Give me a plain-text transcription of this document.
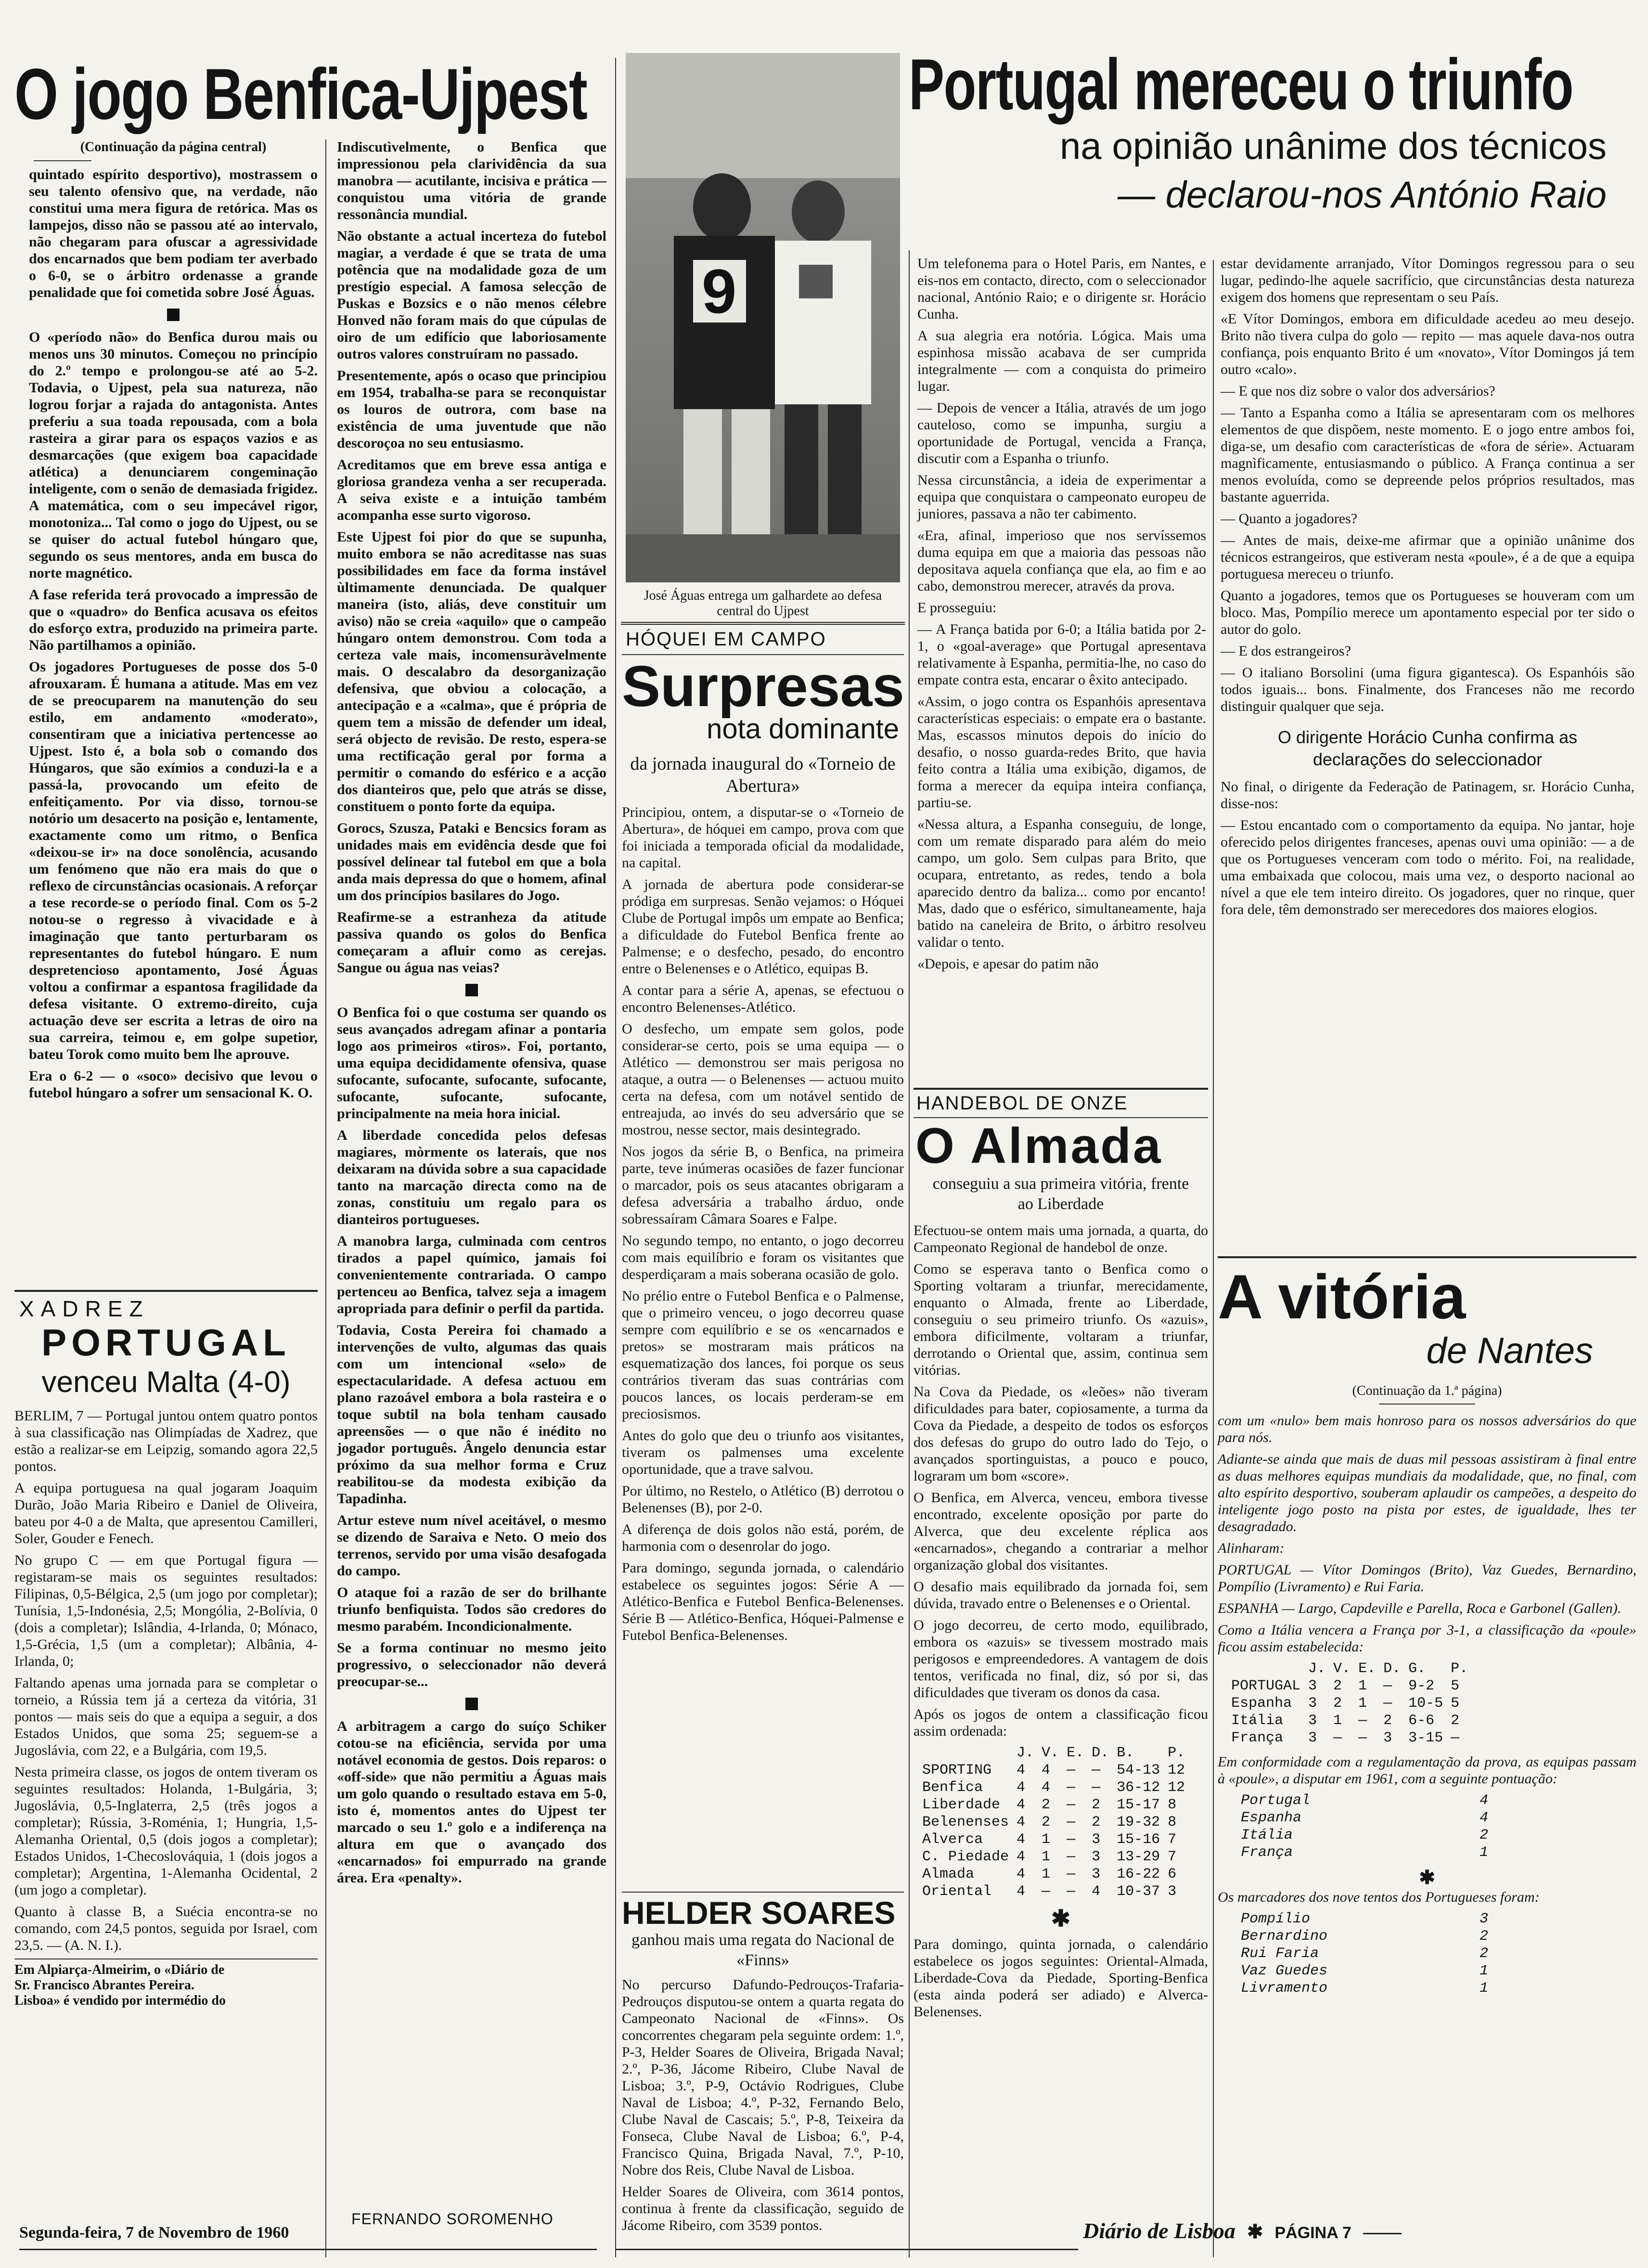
O jogo Benfica-Ujpest

(Continuação da página central)

quintado espírito desportivo), mostrassem o seu talento ofensivo que, na verdade, não constitui uma mera figura de retórica. Mas os lampejos, disso não se passou até ao intervalo, não chegaram para ofuscar a agressividade dos encarnados que bem podiam ter averbado o 6-0, se o árbitro ordenasse a grande penalidade que foi cometida sobre José Águas.

O «período não» do Benfica durou mais ou menos uns 30 minutos. Começou no princípio do 2.º tempo e prolongou-se até ao 5-2. Todavia, o Ujpest, pela sua natureza, não logrou forjar a rajada do antagonista. Antes preferiu a sua toada repousada, com a bola rasteira a girar para os espaços vazios e as desmarcações (que exigem boa capacidade atlética) a denunciarem congeminação inteligente, com o senão de demasiada frigidez. A matemática, com o seu impecável rigor, monotoniza... Tal como o jogo do Ujpest, ou se se quiser do actual futebol húngaro que, segundo os seus mentores, anda em busca do norte magnético.

A fase referida terá provocado a impressão de que o «quadro» do Benfica acusava os efeitos do esforço extra, produzido na primeira parte. Não partilhamos a opinião.

Os jogadores Portugueses de posse dos 5-0 afrouxaram. É humana a atitude. Mas em vez de se preocuparem na manutenção do seu estilo, em andamento «moderato», consentiram que a iniciativa pertencesse ao Ujpest. Isto é, a bola sob o comando dos Húngaros, que são exímios a conduzi-la e a passá-la, provocando um efeito de enfeitiçamento. Por via disso, tornou-se notório um desacerto na posição e, lentamente, exactamente como um ritmo, o Benfica «deixou-se ir» na doce sonolência, acusando um fenómeno que não era mais do que o reflexo de circunstâncias ocasionais. A reforçar a tese recorde-se o período final. Com os 5-2 notou-se o regresso à vivacidade e à imaginação que tanto perturbaram os representantes do futebol húngaro. E num despretencioso apontamento, José Águas voltou a confirmar a espantosa fragilidade da defesa visitante. O extremo-direito, cuja actuação deve ser escrita a letras de oiro na sua carreira, teimou e, em golpe supetior, bateu Torok como muito bem lhe aprouve.

Era o 6-2 — o «soco» decisivo que levou o futebol húngaro a sofrer um sensacional K. O.

Indiscutìvelmente, o Benfica que impressionou pela clarividência da sua manobra — acutilante, incisiva e prática — conquistou uma vitória de grande ressonância mundial.

Não obstante a actual incerteza do futebol magiar, a verdade é que se trata de uma potência que na modalidade goza de um prestígio especial. A famosa selecção de Puskas e Bozsics e o não menos célebre Honved não foram mais do que cúpulas de oiro de um edifício que laboriosamente outros valores construíram no passado.

Presentemente, após o ocaso que principiou em 1954, trabalha-se para se reconquistar os louros de outrora, com base na existência de uma juventude que não descoroçoa no seu entusiasmo.

Acreditamos que em breve essa antiga e gloriosa grandeza venha a ser recuperada. A seiva existe e a intuição também acompanha esse surto vigoroso.

Este Ujpest foi pior do que se supunha, muito embora se não acreditasse nas suas possibilidades em face da forma instável ùltimamente denunciada. De qualquer maneira (isto, aliás, deve constituir um aviso) não se creia «aquilo» que o campeão húngaro ontem demonstrou. Com toda a certeza vale mais, incomensuràvelmente mais. O descalabro da desorganização defensiva, que obviou a colocação, a antecipação e a «calma», que é própria de quem tem a missão de defender um ideal, será objecto de revisão. De resto, espera-se uma rectificação geral por forma a permitir o comando do esférico e a acção dos dianteiros que, pelo que atrás se disse, constituem o ponto forte da equipa.

Gorocs, Szusza, Pataki e Bencsics foram as unidades mais em evidência desde que foi possível delinear tal futebol em que a bola anda mais depressa do que o homem, afinal um dos princípios basilares do Jogo.

Reafirme-se a estranheza da atitude passiva quando os golos do Benfica começaram a afluir como as cerejas. Sangue ou água nas veias?

O Benfica foi o que costuma ser quando os seus avançados adregam afinar a pontaria logo aos primeiros «tiros». Foi, portanto, uma equipa decididamente ofensiva, quase sufocante, sufocante, sufocante, sufocante, sufocante, sufocante, sufocante, principalmente na meia hora inicial.

A liberdade concedida pelos defesas magiares, mòrmente os laterais, que nos deixaram na dúvida sobre a sua capacidade tanto na marcação directa como na de zonas, constituiu um regalo para os dianteiros portugueses.

A manobra larga, culminada com centros tirados a papel químico, jamais foi convenientemente contrariada. O campo pertenceu ao Benfica, talvez seja a imagem apropriada para definir o perfil da partida.

Todavia, Costa Pereira foi chamado a intervenções de vulto, algumas das quais com um intencional «selo» de espectacularidade. A defesa actuou em plano razoável embora a bola rasteira e o toque subtil na bola tenham causado apreensões — o que não é inédito no jogador português. Ângelo denuncia estar próximo da sua melhor forma e Cruz reabilitou-se da modesta exibição da Tapadinha.

Artur esteve num nível aceitável, o mesmo se dizendo de Saraiva e Neto. O meio dos terrenos, servido por uma visão desafogada do campo.

O ataque foi a razão de ser do brilhante triunfo benfiquista. Todos são credores do mesmo parabém. Incondicionalmente.

Se a forma continuar no mesmo jeito progressivo, o seleccionador não deverá preocupar-se...

A arbitragem a cargo do suíço Schiker cotou-se na eficiência, servida por uma notável economia de gestos. Dois reparos: o «off-side» que não permitiu a Águas mais um golo quando o resultado estava em 5-0, isto é, momentos antes do Ujpest ter marcado o seu 1.º golo e a indiferença na altura em que o avançado dos «encarnados» foi empurrado na grande área. Era «penalty».

FERNANDO SOROMENHO
XADREZ
PORTUGAL
venceu Malta (4-0)

BERLIM, 7 — Portugal juntou ontem quatro pontos à sua classificação nas Olimpíadas de Xadrez, que estão a realizar-se em Leipzig, somando agora 22,5 pontos.

A equipa portuguesa na qual jogaram Joaquim Durão, João Maria Ribeiro e Daniel de Oliveira, bateu por 4-0 a de Malta, que apresentou Camilleri, Soler, Gouder e Fenech.

No grupo C — em que Portugal figura — registaram-se mais os seguintes resultados: Filipinas, 0,5-Bélgica, 2,5 (um jogo por completar); Tunísia, 1,5-Indonésia, 2,5; Mongólia, 2-Bolívia, 0 (dois a completar); Islândia, 4-Irlanda, 0; Mónaco, 1,5-Grécia, 1,5 (um a completar); Albânia, 4-Irlanda, 0;

Faltando apenas uma jornada para se completar o torneio, a Rússia tem já a certeza da vitória, 31 pontos — mais seis do que a equipa a seguir, a dos Estados Unidos, que soma 25; seguem-se a Jugoslávia, com 22, e a Bulgária, com 19,5.

Nesta primeira classe, os jogos de ontem tiveram os seguintes resultados: Holanda, 1-Bulgária, 3; Jugoslávia, 0,5-Inglaterra, 2,5 (três jogos a completar); Rússia, 3-Roménia, 1; Hungria, 1,5-Alemanha Oriental, 0,5 (dois jogos a completar); Estados Unidos, 1-Checoslováquia, 1 (dois jogos a completar); Argentina, 1-Alemanha Ocidental, 2 (um jogo a completar).

Quanto à classe B, a Suécia encontra-se no comando, com 24,5 pontos, seguida por Israel, com 23,5. — (A. N. I.).

Em Alpiarça-Almeirim, o «Diário de

Sr. Francisco Abrantes Pereira.

Lisboa» é vendido por intermédio do

Segunda-feira, 7 de Novembro de 1960
9
José Águas entrega um galhardete ao defesa central do Ujpest
HÓQUEI EM CAMPO
Surpresas
nota dominante
da jornada inaugural do «Torneio de Abertura»

Principiou, ontem, a disputar-se o «Torneio de Abertura», de hóquei em campo, prova com que foi iniciada a temporada oficial da modalidade, na capital.

A jornada de abertura pode considerar-se pródiga em surpresas. Senão vejamos: o Hóquei Clube de Portugal impôs um empate ao Benfica; a dificuldade do Futebol Benfica frente ao Palmense; e o desfecho, pesado, do encontro entre o Belenenses e o Atlético, equipas B.

A contar para a série A, apenas, se efectuou o encontro Belenenses-Atlético.

O desfecho, um empate sem golos, pode considerar-se certo, pois se uma equipa — o Atlético — demonstrou ser mais perigosa no ataque, a outra — o Belenenses — actuou muito certa na defesa, com um notável sentido de entreajuda, ao invés do seu adversário que se mostrou, nesse sector, mais desintegrado.

Nos jogos da série B, o Benfica, na primeira parte, teve inúmeras ocasiões de fazer funcionar o marcador, pois os seus atacantes obrigaram a defesa adversária a trabalho árduo, onde sobressaíram Câmara Soares e Falpe.

No segundo tempo, no entanto, o jogo decorreu com mais equilíbrio e foram os visitantes que desperdiçaram a mais soberana ocasião de golo.

No prélio entre o Futebol Benfica e o Palmense, que o primeiro venceu, o jogo decorreu quase sempre com equilíbrio e se os «encarnados e pretos» se mostraram mais práticos na esquematização dos lances, foi porque os seus contrários tiveram das suas contrárias com poucos lances, os locais perderam-se em preciosismos.

Antes do golo que deu o triunfo aos visitantes, tiveram os palmenses uma excelente oportunidade, que a trave salvou.

Por último, no Restelo, o Atlético (B) derrotou o Belenenses (B), por 2-0.

A diferença de dois golos não está, porém, de harmonia com o desenrolar do jogo.

Para domingo, segunda jornada, o calendário estabelece os seguintes jogos: Série A — Atlético-Benfica e Futebol Benfica-Belenenses. Série B — Atlético-Benfica, Hóquei-Palmense e Futebol Benfica-Belenenses.

HELDER SOARES
ganhou mais uma regata do Nacional de «Finns»

No percurso Dafundo-Pedrouços-Trafaria-Pedrouços disputou-se ontem a quarta regata do Campeonato Nacional de «Finns». Os concorrentes chegaram pela seguinte ordem: 1.º, P-3, Helder Soares de Oliveira, Brigada Naval; 2.º, P-36, Jácome Ribeiro, Clube Naval de Lisboa; 3.º, P-9, Octávio Rodrigues, Clube Naval de Lisboa; 4.º, P-32, Fernando Belo, Clube Naval de Cascais; 5.º, P-8, Teixeira da Fonseca, Clube Naval de Lisboa; 6.º, P-4, Francisco Quina, Brigada Naval, 7.º, P-10, Nobre dos Reis, Clube Naval de Lisboa.

Helder Soares de Oliveira, com 3614 pontos, continua à frente da classificação, seguido de Jácome Ribeiro, com 3539 pontos.

Portugal mereceu o triunfo
na opinião unânime dos técnicos
— declarou-nos António Raio

Um telefonema para o Hotel Paris, em Nantes, e eis-nos em contacto, directo, com o seleccionador nacional, António Raio; e o dirigente sr. Horácio Cunha.

A sua alegria era notória. Lógica. Mais uma espinhosa missão acabava de ser cumprida integralmente — com a conquista do primeiro lugar.

— Depois de vencer a Itália, através de um jogo cauteloso, como se impunha, surgiu a oportunidade de Portugal, vencida a França, discutir com a Espanha o triunfo.

Nessa circunstância, a ideia de experimentar a equipa que conquistara o campeonato europeu de juniores, passava a não ter cabimento.

«Era, afinal, imperioso que nos servíssemos duma equipa em que a maioria das pessoas não depositava aquela confiança que ela, ao fim e ao cabo, demonstrou merecer, através da prova.

E prosseguiu:

— A França batida por 6-0; a Itália batida por 2-1, o «goal-average» que Portugal apresentava relativamente à Espanha, permitia-lhe, no caso do empate contra esta, encarar o êxito antecipado.

«Assim, o jogo contra os Espanhóis apresentava características especiais: o empate era o bastante. Mas, escassos minutos depois do início do desafio, o nosso guarda-redes Brito, que havia feito contra a Itália uma exibição, digamos, de forma a merecer da equipa inteira confiança, partiu-se.

«Nessa altura, a Espanha conseguiu, de longe, com um remate disparado para além do meio campo, um golo. Sem culpas para Brito, que ocupara, entretanto, as redes, tendo a bola aparecido dentro da baliza... como por encanto! Mas, dado que o esférico, simultaneamente, haja batido na caneleira de Brito, o árbitro resolveu validar o tento.

«Depois, e apesar do patim não

estar devidamente arranjado, Vítor Domingos regressou para o seu lugar, pedindo-lhe aquele sacrifício, que circunstâncias desta natureza exigem dos homens que representam o seu País.

«E Vítor Domingos, embora em dificuldade acedeu ao meu desejo. Brito não tivera culpa do golo — repito — mas aquele dava-nos outra confiança, pois enquanto Brito é um «novato», Vítor Domingos já tem outro «calo».

— E que nos diz sobre o valor dos adversários?

— Tanto a Espanha como a Itália se apresentaram com os melhores elementos de que dispõem, neste momento. E o jogo entre ambos foi, diga-se, um desafio com características de «fora de série». Actuaram magnìficamente, entusiasmando o público. A França continua a ser menos evoluída, como se depreende pelos próprios resultados, mas bastante aguerrida.

— Quanto a jogadores?

— Antes de mais, deixe-me afirmar que a opinião unânime dos técnicos estrangeiros, que estiveram nesta «poule», é a de que a equipa portuguesa mereceu o triunfo.

Quanto a jogadores, temos que os Portugueses se houveram com um bloco. Mas, Pompílio merece um apontamento especial por ter sido o autor do golo.

— E dos estrangeiros?

— O italiano Borsolini (uma figura gigantesca). Os Espanhóis são todos iguais... bons. Finalmente, dos Franceses não me recordo distinguir qualquer que seja.

O dirigente Horácio Cunha confirma as declarações do seleccionador

No final, o dirigente da Federação de Patinagem, sr. Horácio Cunha, disse-nos:

— Estou encantado com o comportamento da equipa. No jantar, hoje oferecido pelos dirigentes franceses, apenas ouvi uma opinião: — a de que os Portugueses venceram com todo o mérito. Foi, na realidade, uma embaixada que colocou, mais uma vez, o desporto nacional ao nível a que ele tem inteiro direito. Os jogadores, quer no rinque, quer fora dele, têm demonstrado ser merecedores dos maiores elogios.

HANDEBOL DE ONZE
O Almada
conseguiu a sua primeira vitória, frente ao Liberdade

Efectuou-se ontem mais uma jornada, a quarta, do Campeonato Regional de handebol de onze.

Como se esperava tanto o Benfica como o Sporting voltaram a triunfar, merecidamente, enquanto o Almada, frente ao Liberdade, conseguiu o seu primeiro triunfo. Os «azuis», embora dificilmente, voltaram a triunfar, derrotando o Oriental que, assim, continua sem vitórias.

Na Cova da Piedade, os «leões» não tiveram dificuldades para bater, copiosamente, a turma da Cova da Piedade, a despeito de todos os esforços dos defesas do grupo do outro lado do Tejo, o avançados sportinguistas, a pouco e pouco, lograram um bom «score».

O Benfica, em Alverca, venceu, embora tivesse encontrado, excelente oposição por parte do Alverca, que deu excelente réplica aos «encarnados», chegando a contrariar a melhor organização global dos visitantes.

O desafio mais equilibrado da jornada foi, sem dúvida, travado entre o Belenenses e o Oriental.

O jogo decorreu, de certo modo, equilibrado, embora os «azuis» se tivessem mostrado mais perigosos e empreendedores. A vantagem de dois tentos, verificada no final, diz, só por si, das dificuldades que tiveram os donos da casa.

Após os jogos de ontem a classificação ficou assim ordenada:

	J.	V.	E.	D.	B.	P.
SPORTING	4	4	—	—	54-13	12
Benfica	4	4	—	—	36-12	12
Liberdade	4	2	—	2	15-17	8
Belenenses	4	2	—	2	19-32	8
Alverca	4	1	—	3	15-16	7
C. Piedade	4	1	—	3	13-29	7
Almada	4	1	—	3	16-22	6
Oriental	4	—	—	4	10-37	3
✱

Para domingo, quinta jornada, o calendário estabelece os jogos seguintes: Oriental-Almada, Liberdade-Cova da Piedade, Sporting-Benfica (esta ainda poderá ser adiado) e Alverca-Belenenses.

A vitória
de Nantes
(Continuação da 1.ª página)

com um «nulo» bem mais honroso para os nossos adversários do que para nós.

Adiante-se ainda que mais de duas mil pessoas assistiram à final entre as duas melhores equipas mundiais da modalidade, que, no final, com alto espírito desportivo, souberam aplaudir os campeões, a despeito do inteligente jogo posto na pista por estes, de igualdade, lhes ter desagradado.

Alinharam:

PORTUGAL — Vítor Domingos (Brito), Vaz Guedes, Bernardino, Pompílio (Livramento) e Rui Faria.

ESPANHA — Largo, Capdeville e Parella, Roca e Garbonel (Gallen).

Como a Itália vencera a França por 3-1, a classificação da «poule» ficou assim estabelecida:

	J.	V.	E.	D.	G.	P.
PORTUGAL	3	2	1	—	9-2	5
Espanha	3	2	1	—	10-5	5
Itália	3	1	—	2	6-6	2
França	3	—	—	3	3-15	—

Em conformidade com a regulamentação da prova, as equipas passam à «poule», a disputar em 1961, com a seguinte pontuação:

Portugal	4
Espanha	4
Itália	2
França	1
✱

Os marcadores dos nove tentos dos Portugueses foram:

Pompílio	3
Bernardino	2
Rui Faria	2
Vaz Guedes	1
Livramento	1
Diário de Lisboa ✱ PÁGINA 7
